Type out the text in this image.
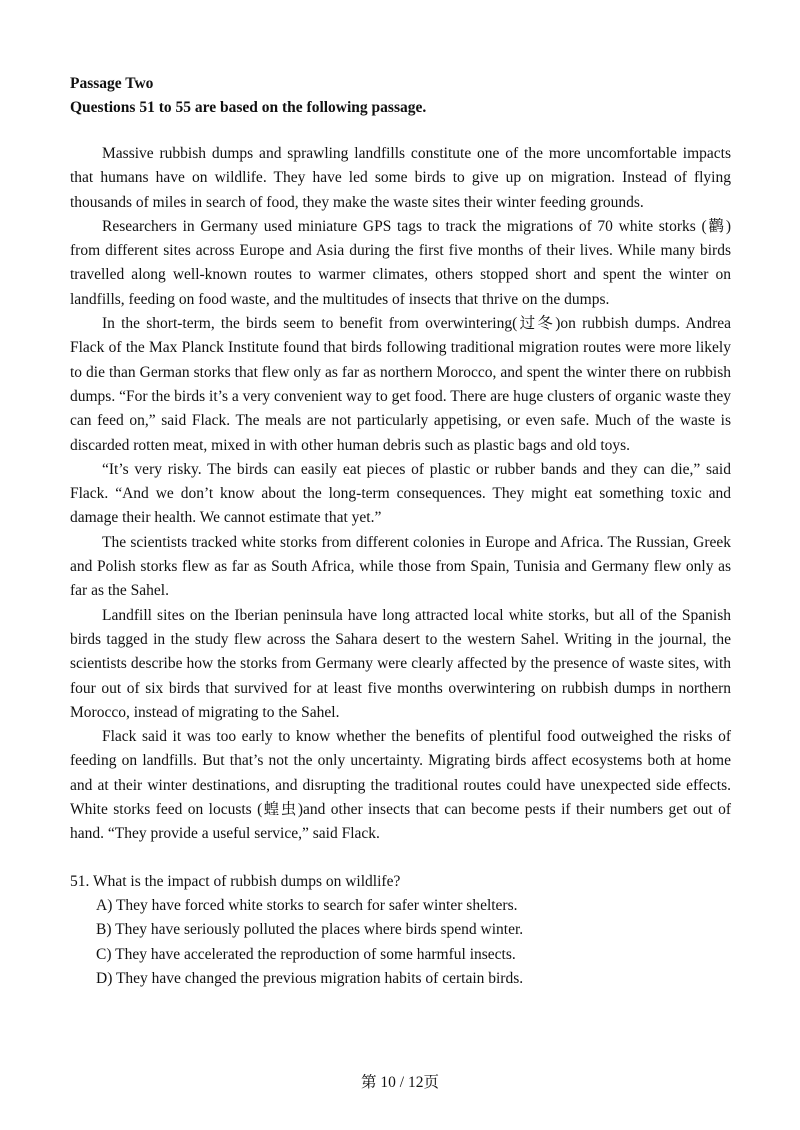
Passage Two

Questions 51 to 55 are based on the following passage.

Massive rubbish dumps and sprawling landfills constitute one of the more uncomfortable impacts that humans have on wildlife. They have led some birds to give up on migration. Instead of flying thousands of miles in search of food, they make the waste sites their winter feeding grounds.

Researchers in Germany used miniature GPS tags to track the migrations of 70 white storks (鹳) from different sites across Europe and Asia during the first five months of their lives. While many birds travelled along well-known routes to warmer climates, others stopped short and spent the winter on landfills, feeding on food waste, and the multitudes of insects that thrive on the dumps.

In the short-term, the birds seem to benefit from overwintering(过冬)on rubbish dumps. Andrea Flack of the Max Planck Institute found that birds following traditional migration routes were more likely to die than German storks that flew only as far as northern Morocco, and spent the winter there on rubbish dumps. “For the birds it’s a very convenient way to get food. There are huge clusters of organic waste they can feed on,” said Flack. The meals are not particularly appetising, or even safe. Much of the waste is discarded rotten meat, mixed in with other human debris such as plastic bags and old toys.

“It’s very risky. The birds can easily eat pieces of plastic or rubber bands and they can die,” said Flack. “And we don’t know about the long-term consequences. They might eat something toxic and damage their health. We cannot estimate that yet.”

The scientists tracked white storks from different colonies in Europe and Africa. The Russian, Greek and Polish storks flew as far as South Africa, while those from Spain, Tunisia and Germany flew only as far as the Sahel.

Landfill sites on the Iberian peninsula have long attracted local white storks, but all of the Spanish birds tagged in the study flew across the Sahara desert to the western Sahel. Writing in the journal, the scientists describe how the storks from Germany were clearly affected by the presence of waste sites, with four out of six birds that survived for at least five months overwintering on rubbish dumps in northern Morocco, instead of migrating to the Sahel.

Flack said it was too early to know whether the benefits of plentiful food outweighed the risks of feeding on landfills. But that’s not the only uncertainty. Migrating birds affect ecosystems both at home and at their winter destinations, and disrupting the traditional routes could have unexpected side effects. White storks feed on locusts (蝗虫)and other insects that can become pests if their numbers get out of hand. “They provide a useful service,” said Flack.

51. What is the impact of rubbish dumps on wildlife?

A) They have forced white storks to search for safer winter shelters.

B) They have seriously polluted the places where birds spend winter.

C) They have accelerated the reproduction of some harmful insects.

D) They have changed the previous migration habits of certain birds.

第 10 / 12页
